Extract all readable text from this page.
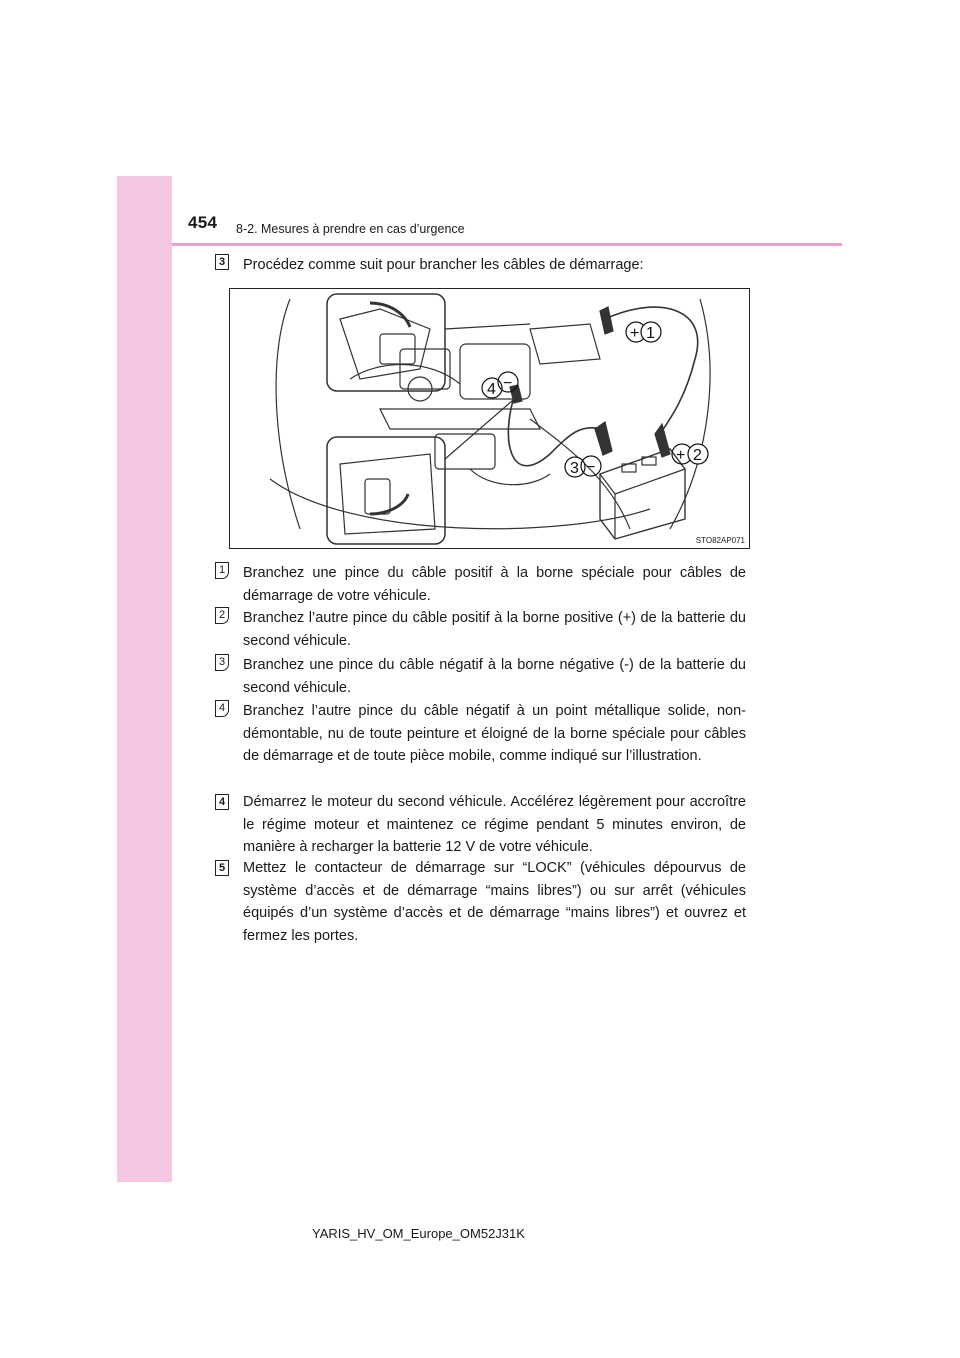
454 8-2. Mesures à prendre en cas d’urgence
3 Procédez comme suit pour brancher les câbles de démarrage:
+ 1
4 −
+ 2
3 −
STO82AP071
1 Branchez une pince du câble positif à la borne spéciale pour câbles de démarrage de votre véhicule.
2 Branchez l’autre pince du câble positif à la borne positive (+) de la batterie du second véhicule.
3 Branchez une pince du câble négatif à la borne négative (-) de la batterie du second véhicule.
4 Branchez l’autre pince du câble négatif à un point métallique solide, non-démontable, nu de toute peinture et éloigné de la borne spéciale pour câbles de démarrage et de toute pièce mobile, comme indiqué sur l’illustration.
4 Démarrez le moteur du second véhicule. Accélérez légèrement pour accroître le régime moteur et maintenez ce régime pendant 5 minutes environ, de manière à recharger la batterie 12 V de votre véhicule.
5 Mettez le contacteur de démarrage sur “LOCK” (véhicules dépourvus de système d’accès et de démarrage “mains libres”) ou sur arrêt (véhicules équipés d’un système d’accès et de démarrage “mains libres”) et ouvrez et fermez les portes.
YARIS_HV_OM_Europe_OM52J31K
